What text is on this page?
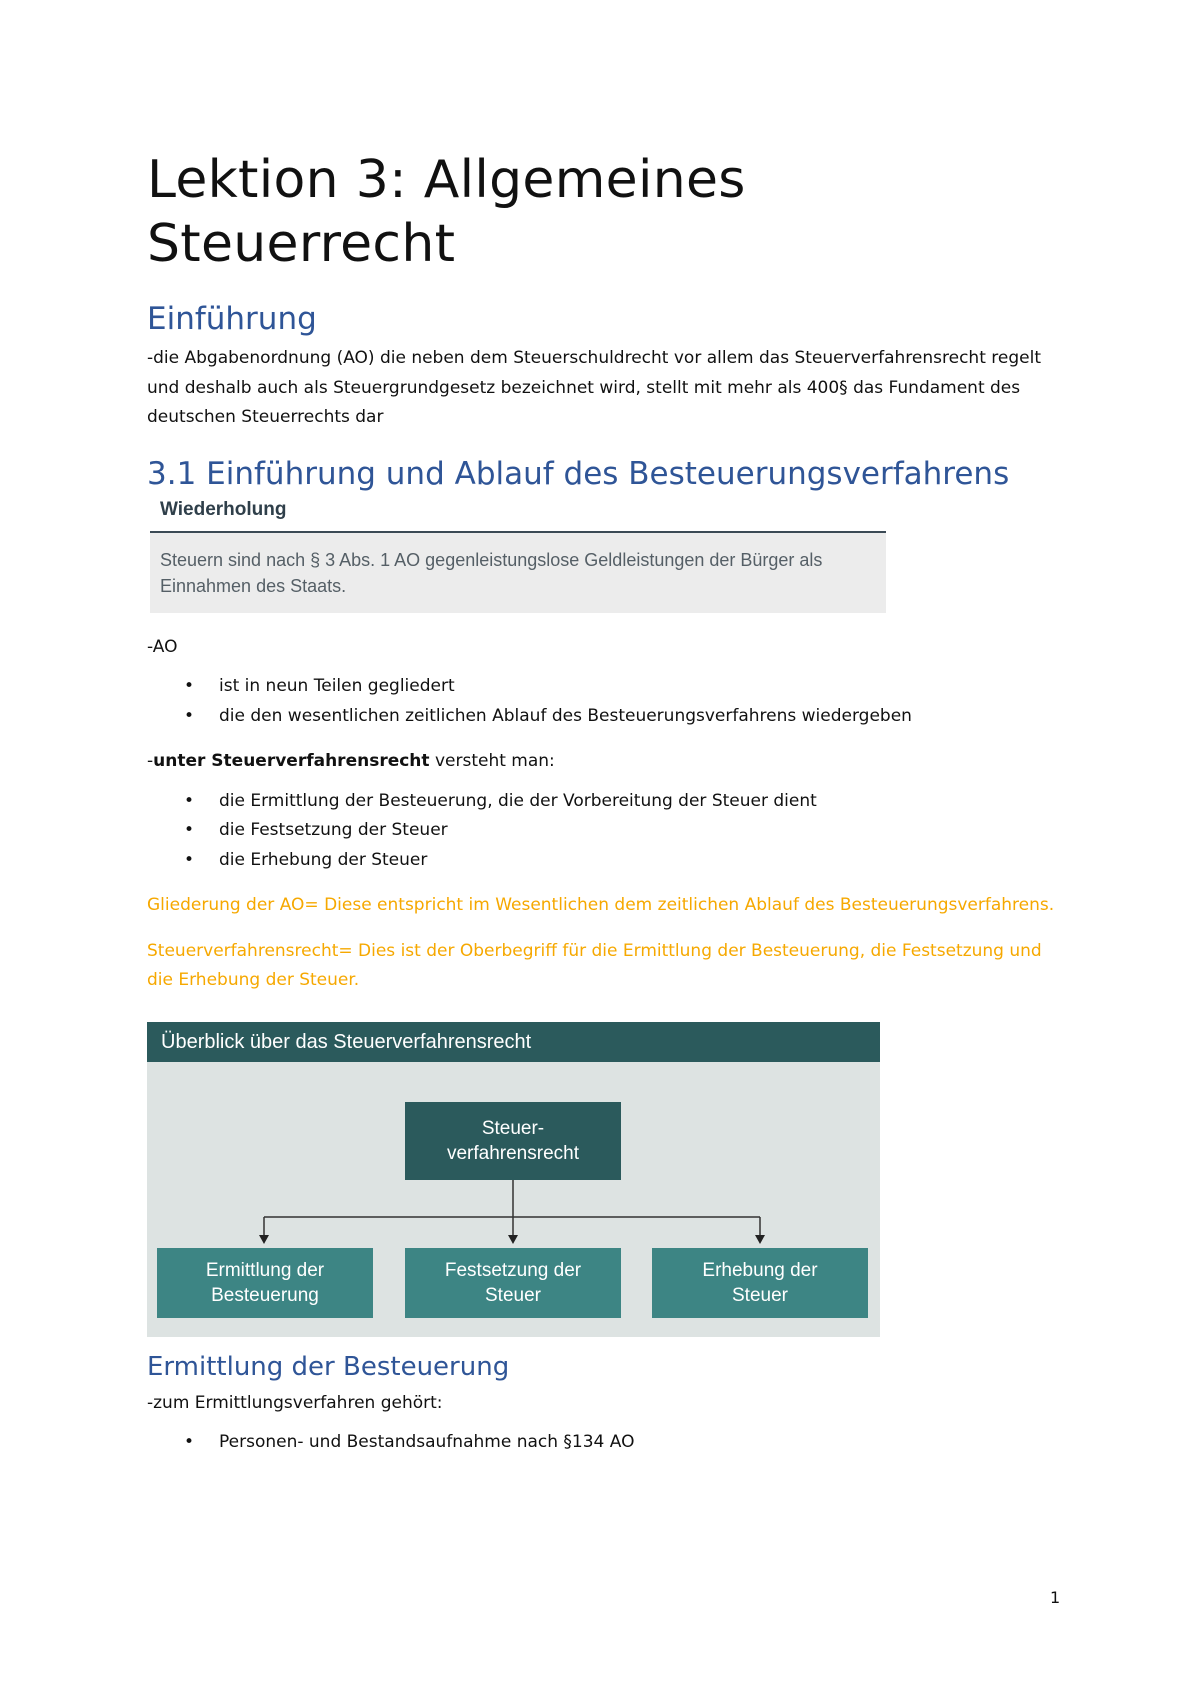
Lektion 3: Allgemeines Steuerrecht
Einführung

-die Abgabenordnung (AO) die neben dem Steuerschuldrecht vor allem das Steuerverfahrensrecht regelt und deshalb auch als Steuergrundgesetz bezeichnet wird, stellt mit mehr als 400§ das Fundament des deutschen Steuerrechts dar

3.1 Einführung und Ablauf des Besteuerungsverfahrens
Wiederholung
Steuern sind nach § 3 Abs. 1 AO gegenleistungslose Geldleistungen der Bürger als Einnahmen des Staats.

-AO

• ist in neun Teilen gegliedert
• die den wesentlichen zeitlichen Ablauf des Besteuerungsverfahrens wiedergeben

-unter Steuerverfahrensrecht versteht man:

• die Ermittlung der Besteuerung, die der Vorbereitung der Steuer dient
• die Festsetzung der Steuer
• die Erhebung der Steuer

Gliederung der AO= Diese entspricht im Wesentlichen dem zeitlichen Ablauf des Besteuerungsverfahrens.

Steuerverfahrensrecht= Dies ist der Oberbegriff für die Ermittlung der Besteuerung, die Festsetzung und die Erhebung der Steuer.

Überblick über das Steuerverfahrensrecht
Steuer-
verfahrensrecht
Ermittlung der
Besteuerung
Festsetzung der
Steuer
Erhebung der
Steuer
Ermittlung der Besteuerung

-zum Ermittlungsverfahren gehört:

• Personen- und Bestandsaufnahme nach §134 AO
1
